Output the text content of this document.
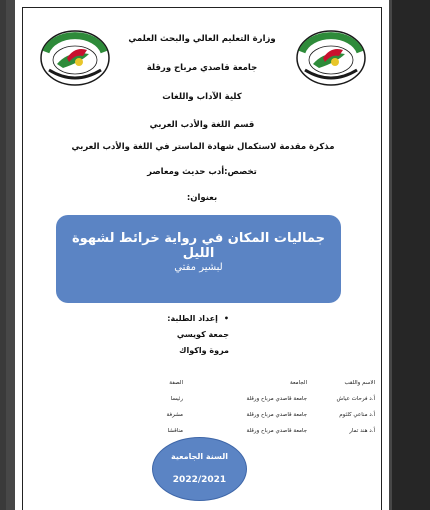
وزارة التعليم العالي والبحث العلمي
جامعة قاصدي مرباح ورقلة
كلية الآداب واللغات
قسم اللغة والأدب العربي
مذكرة مقدمة لاستكمال شهادة الماستر في اللغة والأدب العربي
تخصص:أدب حديث ومعاصر
بعنوان:
جماليات المكان في رواية خرائط لشهوة الليل
لبشير مفتي
•إعداد الطلبة:
جمعة كويسي
مروة واكواك
الاسم واللقب
الجامعة
الصفة
أ.د فرحات عياش
جامعة قاصدي مرباح ورقلة
رئيسا
أ.د مناعي كلثوم
جامعة قاصدي مرباح ورقلة
مشرفة
أ.د هند تمار
جامعة قاصدي مرباح ورقلة
مناقشا
السنة الجامعية
2022/2021
